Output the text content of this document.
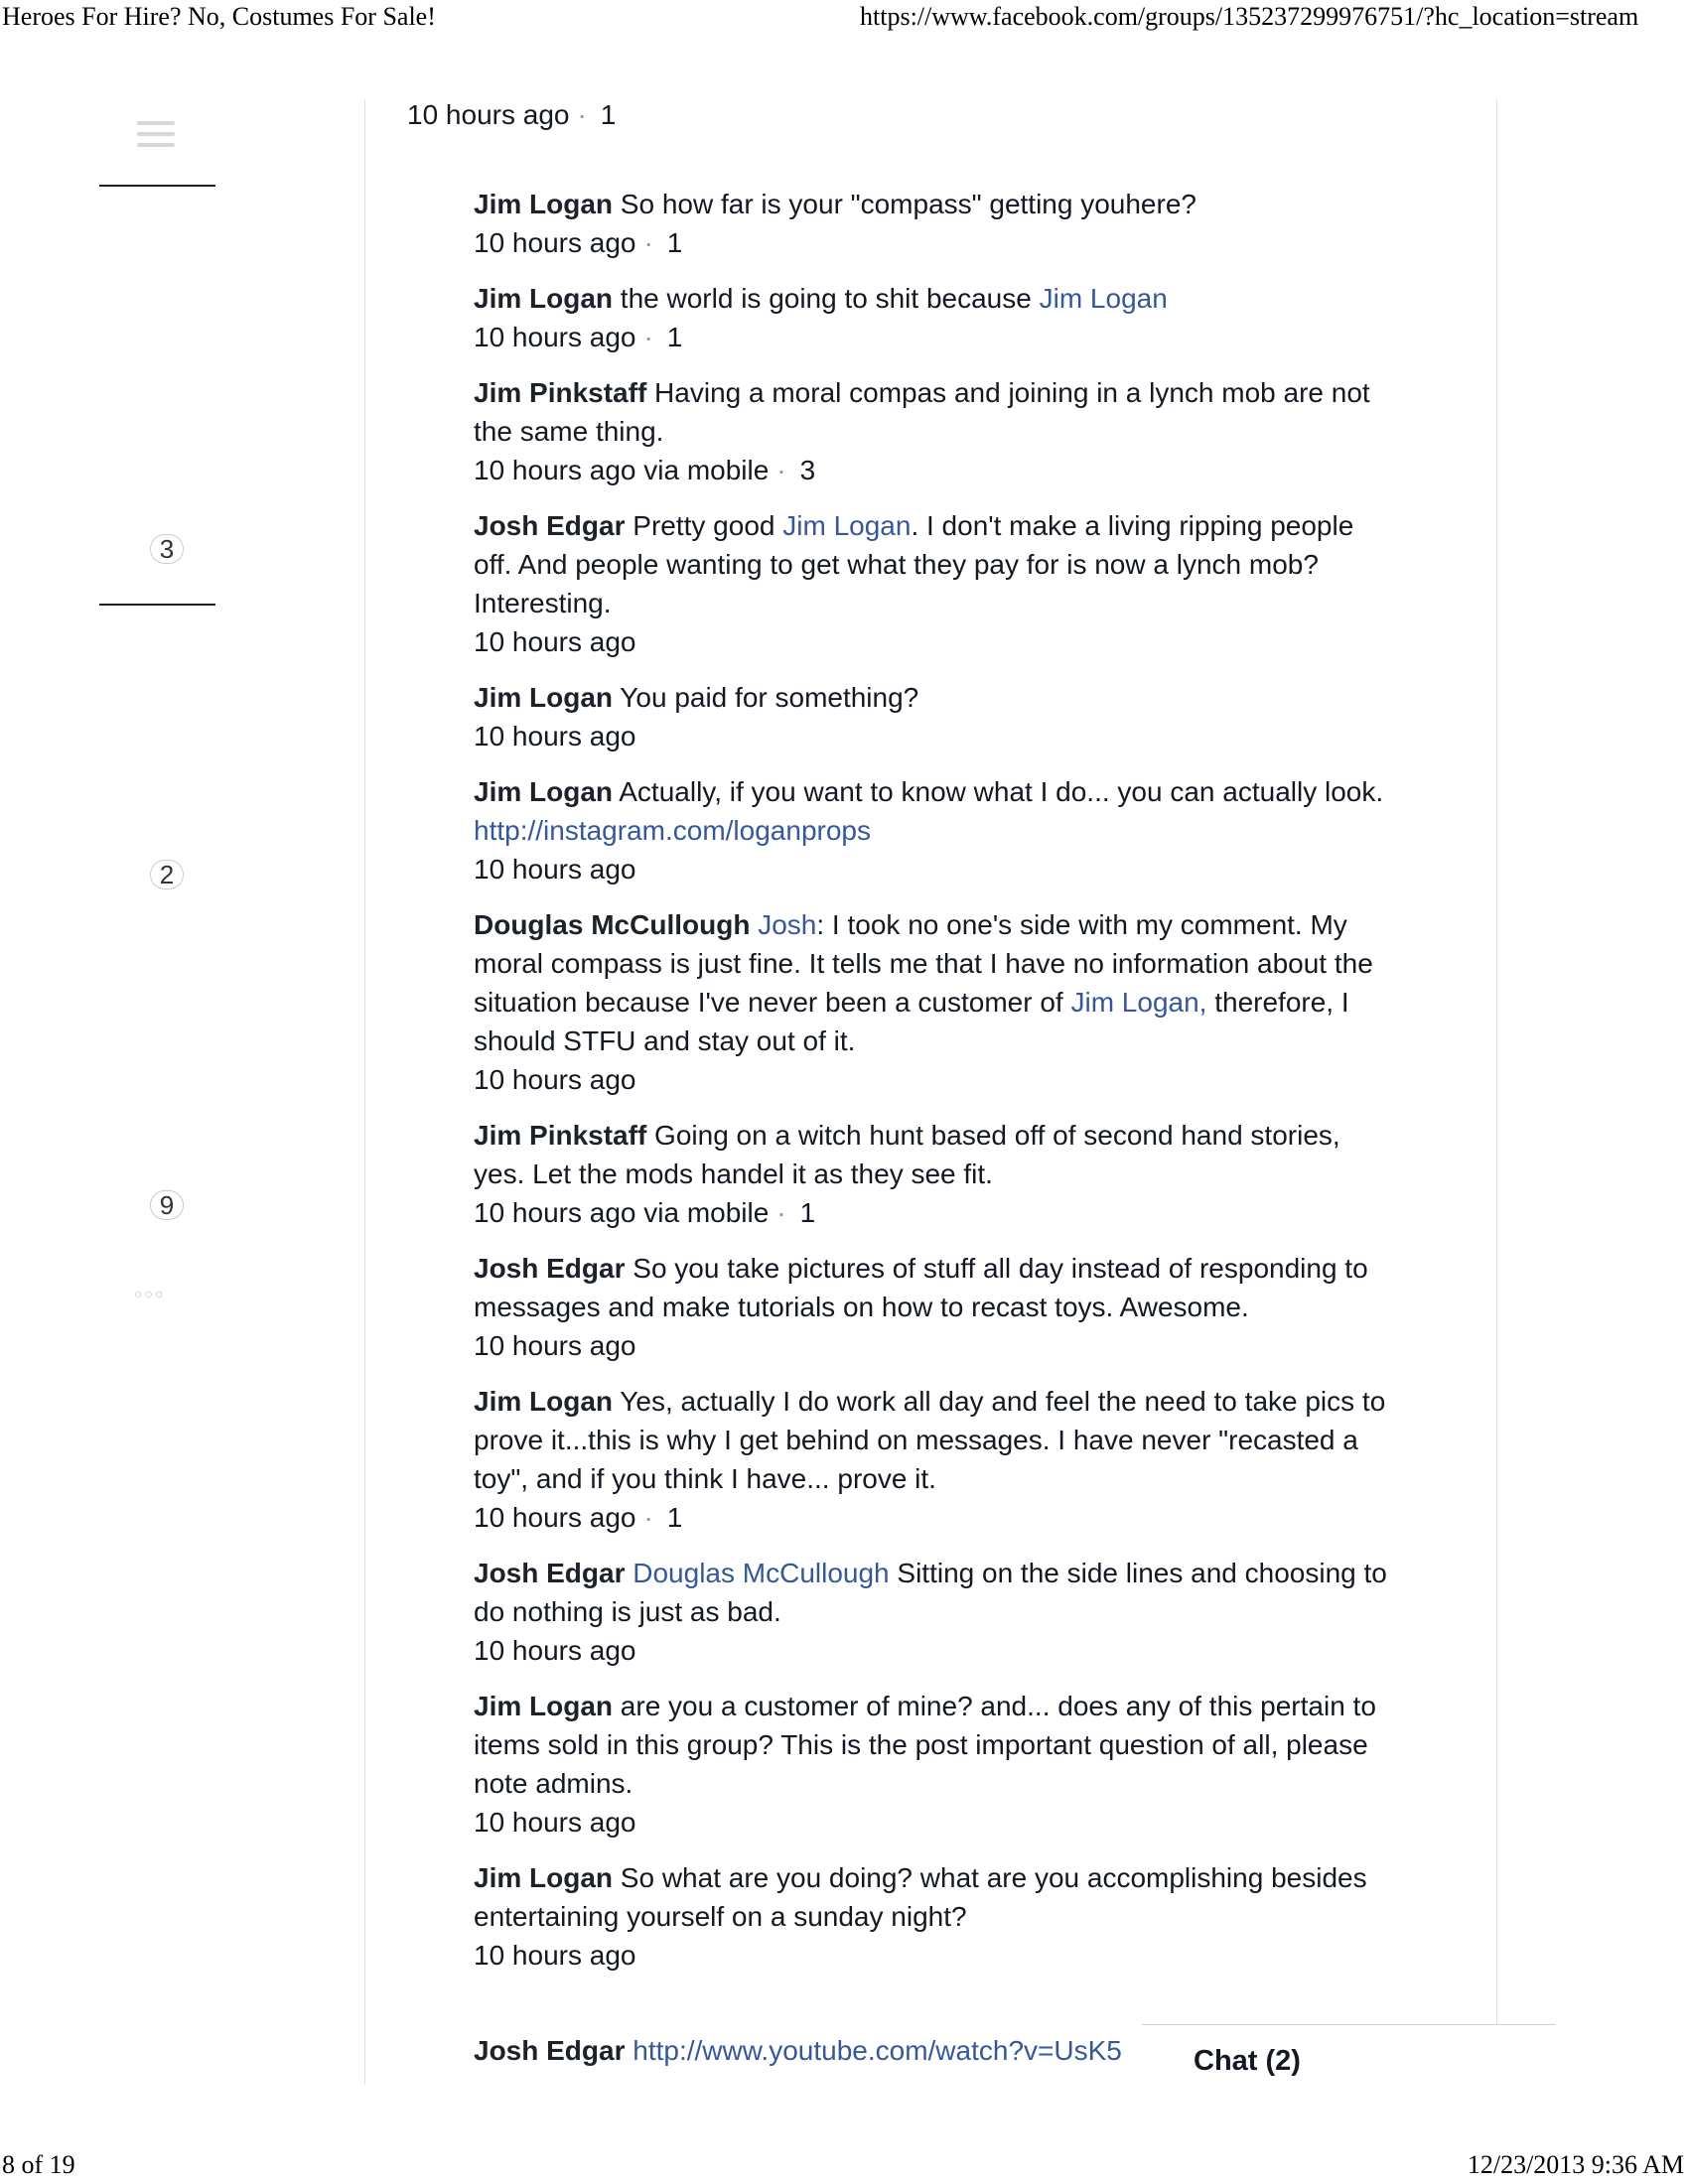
Heroes For Hire? No, Costumes For Sale!	https://www.facebook.com/groups/135237299976751/?hc_location=stream
3
2
9
○○○
10 hours ago · 1
Jim Logan So how far is your "compass" getting youhere?
10 hours ago · 1
Jim Logan the world is going to shit because Jim Logan
10 hours ago · 1
Jim Pinkstaff Having a moral compas and joining in a lynch mob are not the same thing.
10 hours ago via mobile · 3
Josh Edgar Pretty good Jim Logan. I don't make a living ripping people off. And people wanting to get what they pay for is now a lynch mob? Interesting.
10 hours ago
Jim Logan You paid for something?
10 hours ago
Jim Logan Actually, if you want to know what I do... you can actually look. http://instagram.com/loganprops
10 hours ago
Douglas McCullough Josh: I took no one's side with my comment. My moral compass is just fine. It tells me that I have no information about the situation because I've never been a customer of Jim Logan, therefore, I should STFU and stay out of it.
10 hours ago
Jim Pinkstaff Going on a witch hunt based off of second hand stories, yes. Let the mods handel it as they see fit.
10 hours ago via mobile · 1
Josh Edgar So you take pictures of stuff all day instead of responding to messages and make tutorials on how to recast toys. Awesome.
10 hours ago
Jim Logan Yes, actually I do work all day and feel the need to take pics to prove it...this is why I get behind on messages. I have never "recasted a toy", and if you think I have... prove it.
10 hours ago · 1
Josh Edgar Douglas McCullough Sitting on the side lines and choosing to do nothing is just as bad.
10 hours ago
Jim Logan are you a customer of mine? and... does any of this pertain to items sold in this group? This is the post important question of all, please note admins.
10 hours ago
Jim Logan So what are you doing? what are you accomplishing besides entertaining yourself on a sunday night?
10 hours ago
Josh Edgar http://www.youtube.com/watch?v=UsK5	Chat (2)
8 of 19	12/23/2013 9:36 AM
